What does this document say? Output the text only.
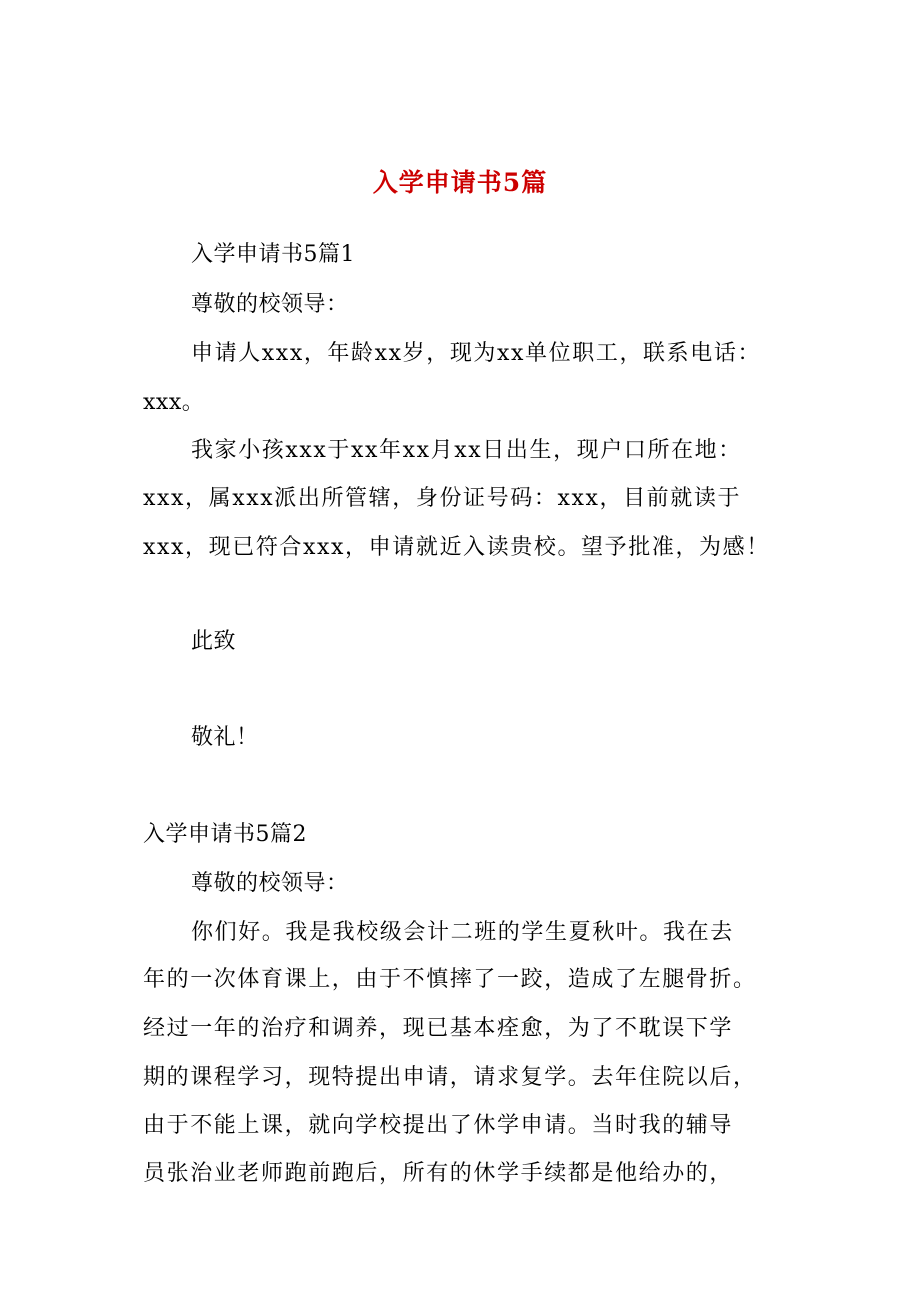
入学申请书5篇
入学申请书5篇1
尊敬的校领导：
申请人xxx，年龄xx岁，现为xx单位职工，联系电话：
xxx。
我家小孩xxx于xx年xx月xx日出生，现户口所在地：
xxx，属xxx派出所管辖，身份证号码：xxx，目前就读于
xxx，现已符合xxx，申请就近入读贵校。望予批准，为感！
此致
敬礼！
入学申请书5篇2
尊敬的校领导：
你们好。我是我校级会计二班的学生夏秋叶。我在去
年的一次体育课上，由于不慎摔了一跤，造成了左腿骨折。
经过一年的治疗和调养，现已基本痊愈，为了不耽误下学
期的课程学习，现特提出申请，请求复学。去年住院以后，
由于不能上课，就向学校提出了休学申请。当时我的辅导
员张治业老师跑前跑后，所有的休学手续都是他给办的，
